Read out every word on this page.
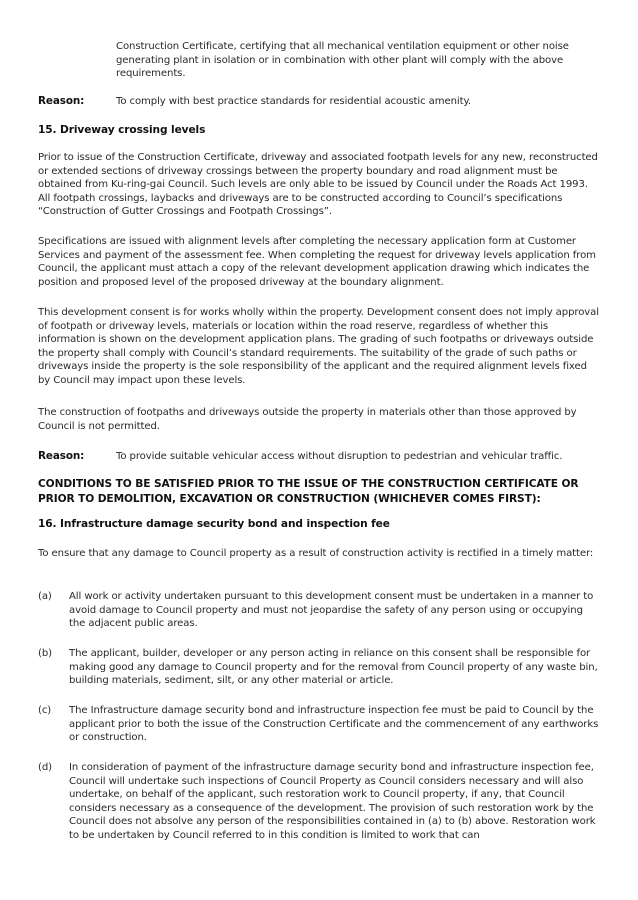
Construction Certificate, certifying that all mechanical ventilation equipment or other noise generating plant in isolation or in combination with other plant will comply with the above requirements.

Reason:	To comply with best practice standards for residential acoustic amenity.
15. Driveway crossing levels

Prior to issue of the Construction Certificate, driveway and associated footpath levels for any new, reconstructed or extended sections of driveway crossings between the property boundary and road alignment must be obtained from Ku-ring-gai Council. Such levels are only able to be issued by Council under the Roads Act 1993. All footpath crossings, laybacks and driveways are to be constructed according to Council’s specifications “Construction of Gutter Crossings and Footpath Crossings”.

Specifications are issued with alignment levels after completing the necessary application form at Customer Services and payment of the assessment fee. When completing the request for driveway levels application from Council, the applicant must attach a copy of the relevant development application drawing which indicates the position and proposed level of the proposed driveway at the boundary alignment.

This development consent is for works wholly within the property. Development consent does not imply approval of footpath or driveway levels, materials or location within the road reserve, regardless of whether this information is shown on the development application plans. The grading of such footpaths or driveways outside the property shall comply with Council’s standard requirements. The suitability of the grade of such paths or driveways inside the property is the sole responsibility of the applicant and the required alignment levels fixed by Council may impact upon these levels.

The construction of footpaths and driveways outside the property in materials other than those approved by Council is not permitted.

Reason:	To provide suitable vehicular access without disruption to pedestrian and vehicular traffic.

CONDITIONS TO BE SATISFIED PRIOR TO THE ISSUE OF THE CONSTRUCTION CERTIFICATE OR PRIOR TO DEMOLITION, EXCAVATION OR CONSTRUCTION (WHICHEVER COMES FIRST):

16. Infrastructure damage security bond and inspection fee

To ensure that any damage to Council property as a result of construction activity is rectified in a timely matter:

(a) All work or activity undertaken pursuant to this development consent must be undertaken in a manner to avoid damage to Council property and must not jeopardise the safety of any person using or occupying the adjacent public areas.

(b) The applicant, builder, developer or any person acting in reliance on this consent shall be responsible for making good any damage to Council property and for the removal from Council property of any waste bin, building materials, sediment, silt, or any other material or article.

(c) The Infrastructure damage security bond and infrastructure inspection fee must be paid to Council by the applicant prior to both the issue of the Construction Certificate and the commencement of any earthworks or construction.

(d) In consideration of payment of the infrastructure damage security bond and infrastructure inspection fee, Council will undertake such inspections of Council Property as Council considers necessary and will also undertake, on behalf of the applicant, such restoration work to Council property, if any, that Council considers necessary as a consequence of the development. The provision of such restoration work by the Council does not absolve any person of the responsibilities contained in (a) to (b) above. Restoration work to be undertaken by Council referred to in this condition is limited to work that can
